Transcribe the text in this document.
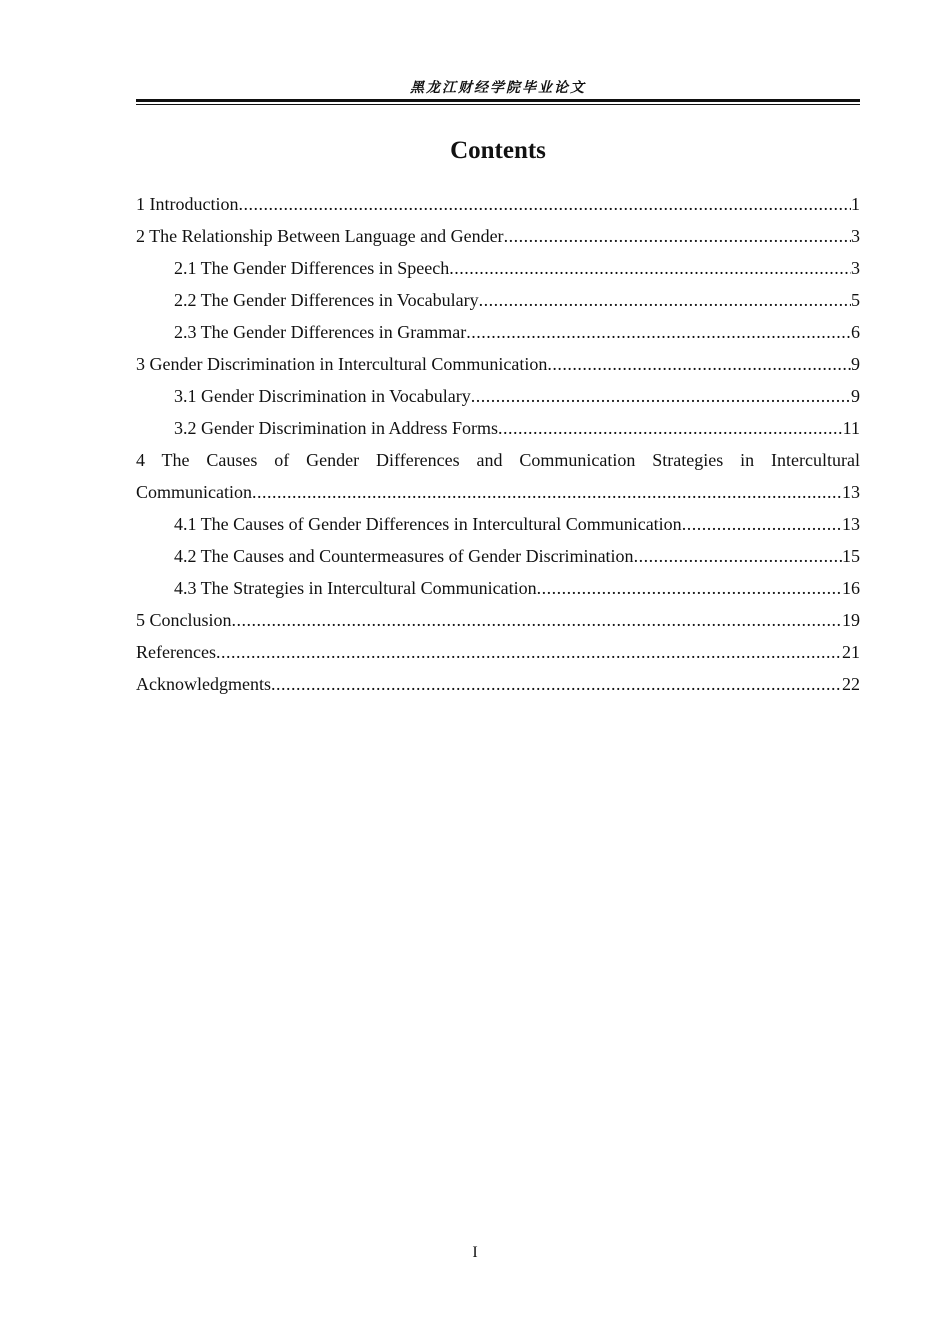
黑龙江财经学院毕业论文
Contents
1 Introduction .....	1
2 The Relationship Between Language and Gender .....	3
2.1 The Gender Differences in Speech .....	3
2.2 The Gender Differences in Vocabulary .....	5
2.3 The Gender Differences in Grammar .....	6
3 Gender Discrimination in Intercultural Communication .....	9
3.1 Gender Discrimination in Vocabulary .....	9
3.2 Gender Discrimination in Address Forms .....	11
4 The Causes of Gender Differences and Communication Strategies in Intercultural
Communication .....	13
4.1 The Causes of Gender Differences in Intercultural Communication .....	13
4.2 The Causes and Countermeasures of Gender Discrimination .....	15
4.3 The Strategies in Intercultural Communication .....	16
5 Conclusion .....	19
References .....	21
Acknowledgments .....	22
I
